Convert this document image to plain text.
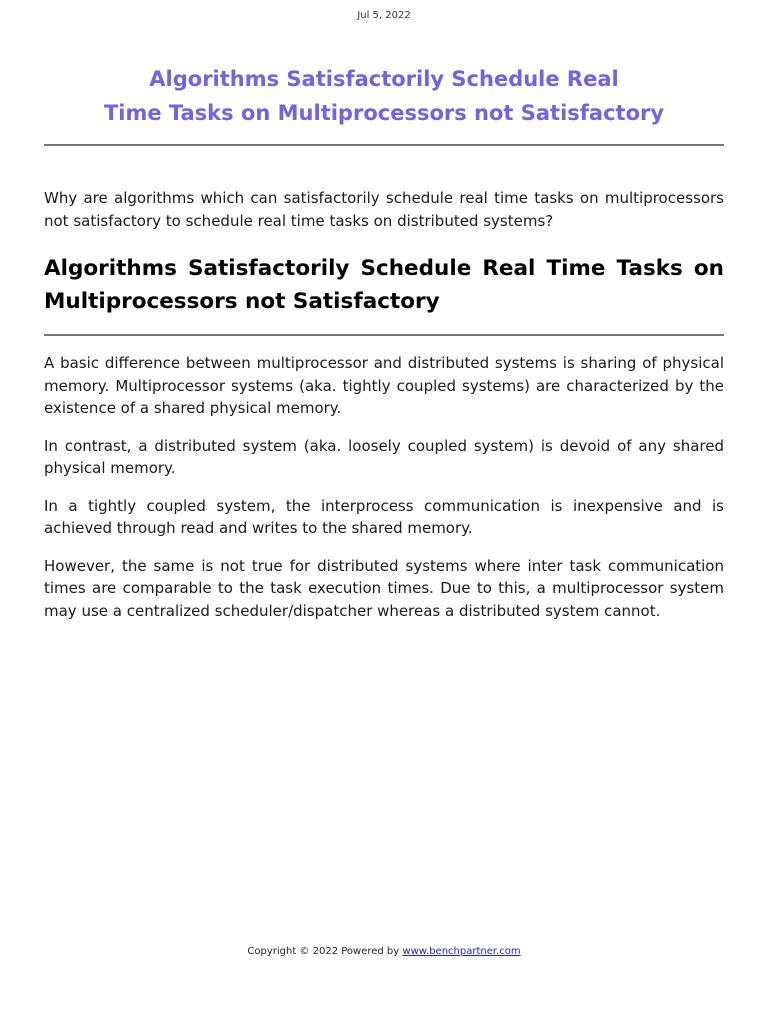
Jul 5, 2022
Algorithms Satisfactorily Schedule Real
Time Tasks on Multiprocessors not Satisfactory

Why are algorithms which can satisfactorily schedule real time tasks on multiprocessors not satisfactory to schedule real time tasks on distributed systems?

Algorithms Satisfactorily Schedule Real Time Tasks on Multiprocessors not Satisfactory

A basic difference between multiprocessor and distributed systems is sharing of physical memory. Multiprocessor systems (aka. tightly coupled systems) are characterized by the existence of a shared physical memory.

In contrast, a distributed system (aka. loosely coupled system) is devoid of any shared physical memory.

In a tightly coupled system, the interprocess communication is inexpensive and is achieved through read and writes to the shared memory.

However, the same is not true for distributed systems where inter task communication times are comparable to the task execution times. Due to this, a multiprocessor system may use a centralized scheduler/dispatcher whereas a distributed system cannot.

Copyright © 2022 Powered by www.benchpartner.com
